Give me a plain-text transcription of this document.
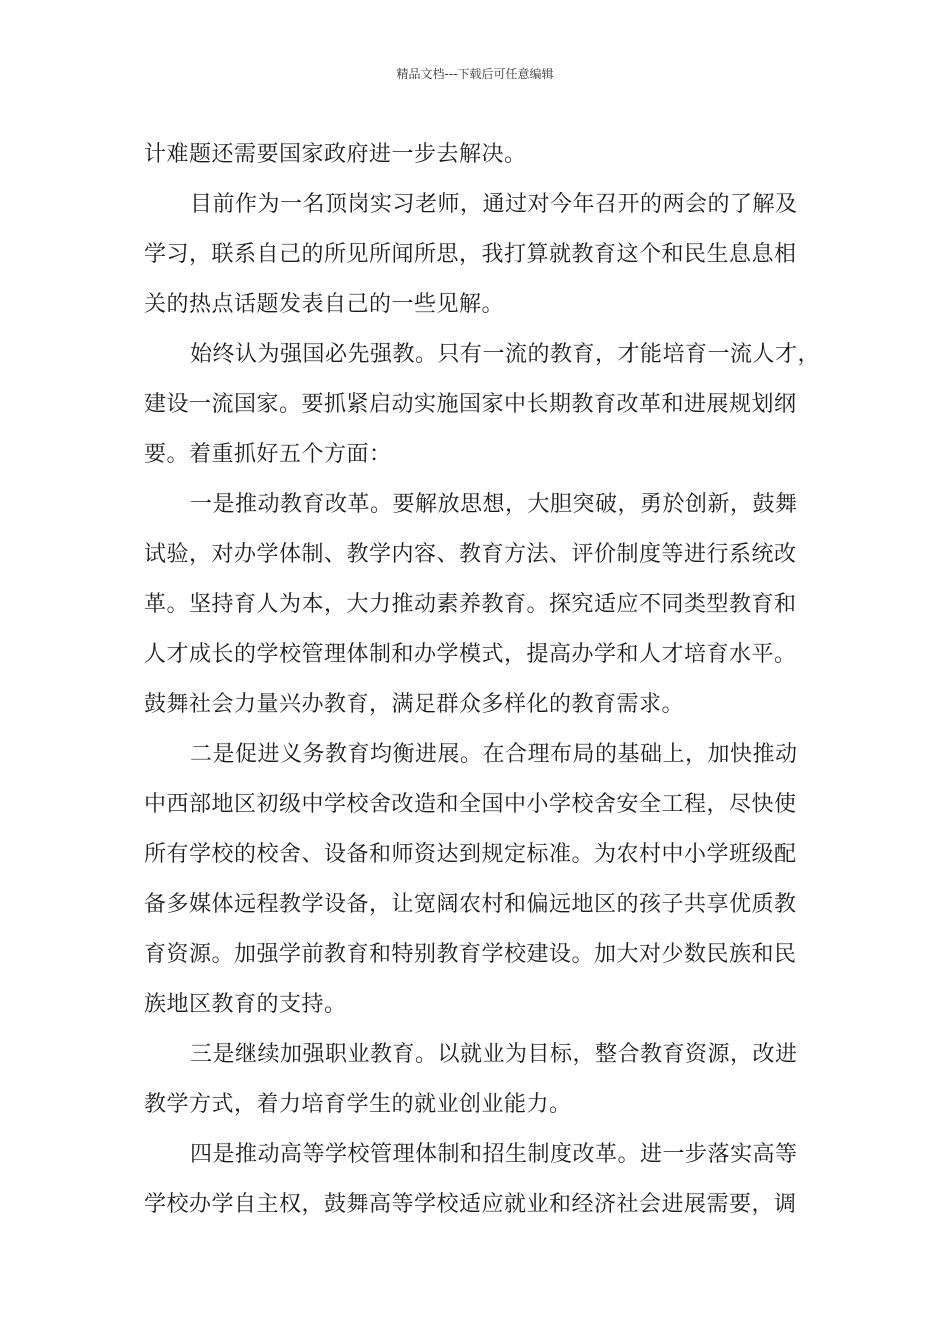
精品文档---下载后可任意编辑
计难题还需要国家政府进一步去解决。
目前作为一名顶岗实习老师，通过对今年召开的两会的了解及
学习，联系自己的所见所闻所思，我打算就教育这个和民生息息相
关的热点话题发表自己的一些见解。
始终认为强国必先强教。只有一流的教育，才能培育一流人才，
建设一流国家。要抓紧启动实施国家中长期教育改革和进展规划纲
要。着重抓好五个方面：
一是推动教育改革。要解放思想，大胆突破，勇於创新，鼓舞
试验，对办学体制、教学内容、教育方法、评价制度等进行系统改
革。坚持育人为本，大力推动素养教育。探究适应不同类型教育和
人才成长的学校管理体制和办学模式，提高办学和人才培育水平。
鼓舞社会力量兴办教育，满足群众多样化的教育需求。
二是促进义务教育均衡进展。在合理布局的基础上，加快推动
中西部地区初级中学校舍改造和全国中小学校舍安全工程，尽快使
所有学校的校舍、设备和师资达到规定标准。为农村中小学班级配
备多媒体远程教学设备，让宽阔农村和偏远地区的孩子共享优质教
育资源。加强学前教育和特别教育学校建设。加大对少数民族和民
族地区教育的支持。
三是继续加强职业教育。以就业为目标，整合教育资源，改进
教学方式，着力培育学生的就业创业能力。
四是推动高等学校管理体制和招生制度改革。进一步落实高等
学校办学自主权，鼓舞高等学校适应就业和经济社会进展需要，调
